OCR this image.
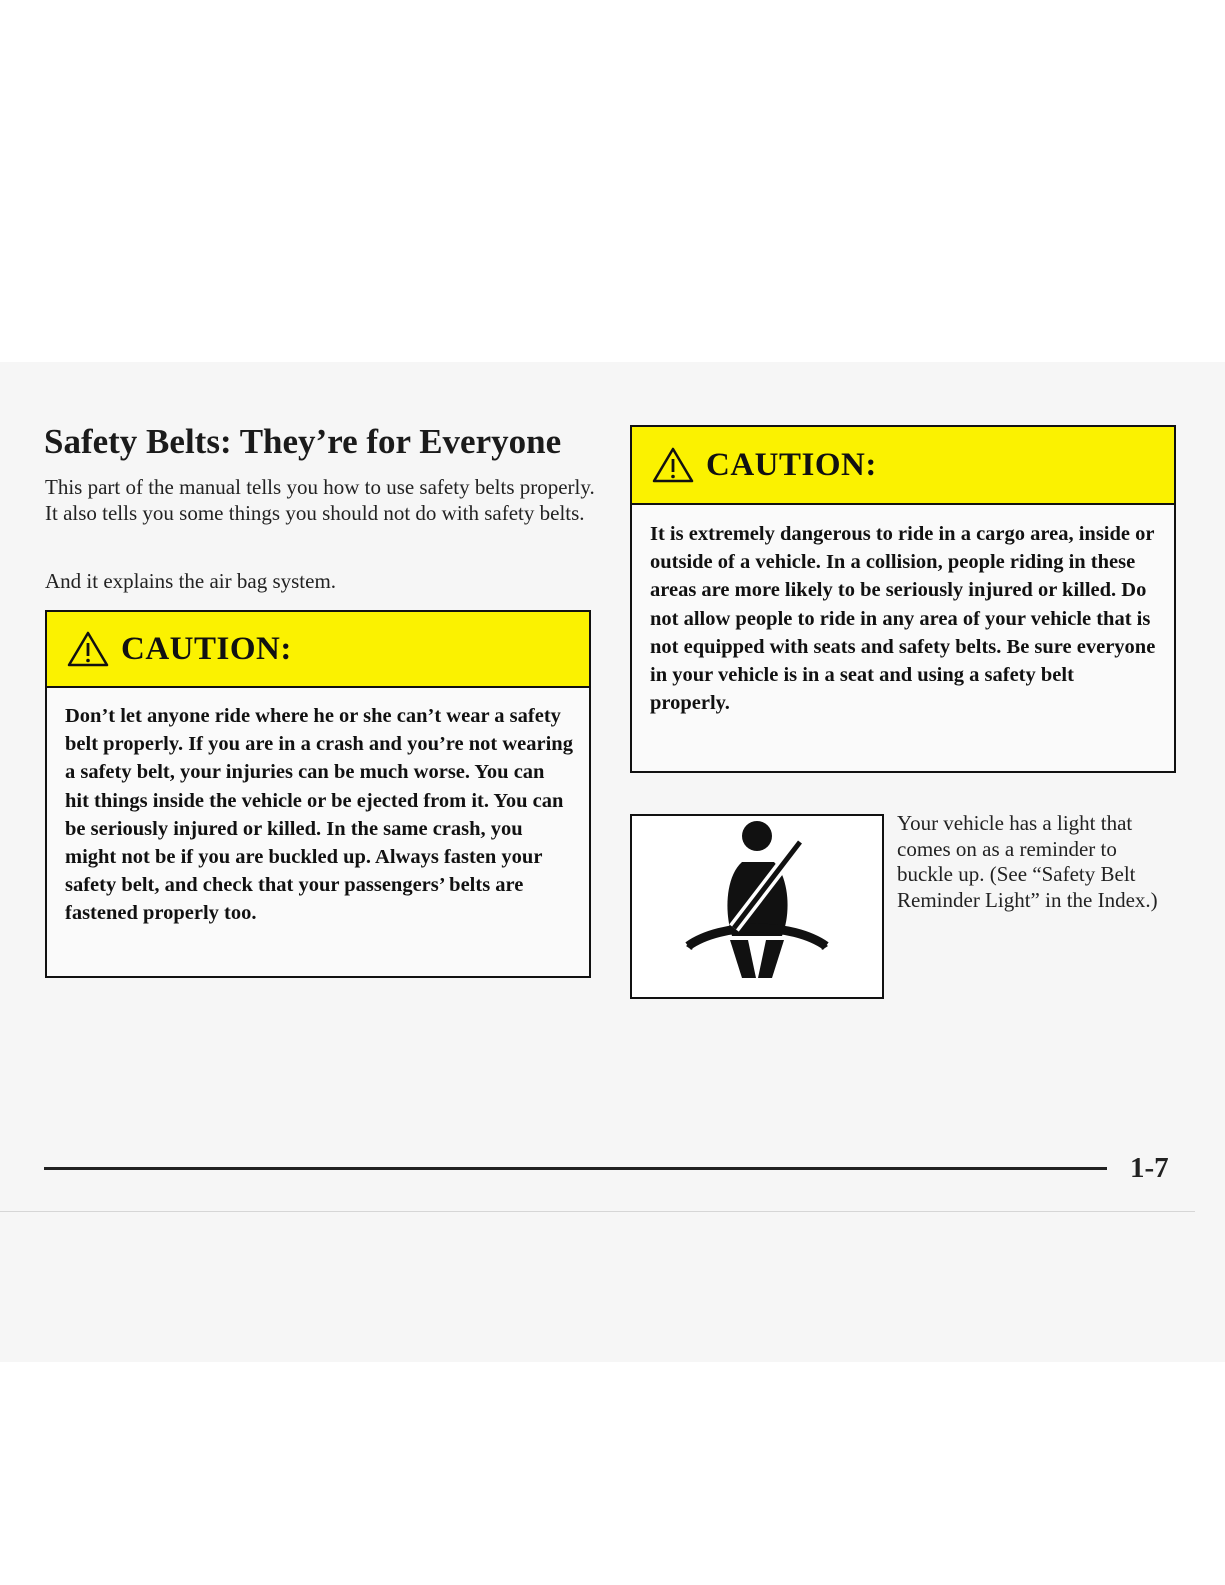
Safety Belts: They’re for Everyone

This part of the manual tells you how to use safety belts properly. It also tells you some things you should not do with safety belts.

And it explains the air bag system.

CAUTION:
Don’t let anyone ride where he or she can’t wear a safety belt properly. If you are in a crash and you’re not wearing a safety belt, your injuries can be much worse. You can hit things inside the vehicle or be ejected from it. You can be seriously injured or killed. In the same crash, you might not be if you are buckled up. Always fasten your safety belt, and check that your passengers’ belts are fastened properly too.
CAUTION:
It is extremely dangerous to ride in a cargo area, inside or outside of a vehicle. In a collision, people riding in these areas are more likely to be seriously injured or killed. Do not allow people to ride in any area of your vehicle that is not equipped with seats and safety belts. Be sure everyone in your vehicle is in a seat and using a safety belt properly.

Your vehicle has a light that comes on as a reminder to buckle up. (See “Safety Belt Reminder Light” in the Index.)

1-7
